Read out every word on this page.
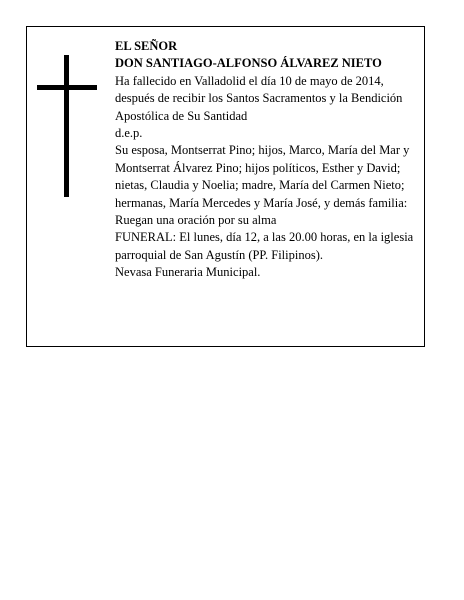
EL SEÑOR
DON SANTIAGO-ALFONSO ÁLVAREZ NIETO

Ha fallecido en Valladolid el día 10 de mayo de 2014, después de recibir los Santos Sacramentos y la Bendición Apostólica de Su Santidad

d.e.p.

Su esposa, Montserrat Pino; hijos, Marco, María del Mar y Montserrat Álvarez Pino; hijos políticos, Esther y David; nietas, Claudia y Noelia; madre, María del Carmen Nieto; hermanas, María Mercedes y María José, y demás familia:

Ruegan una oración por su alma

FUNERAL: El lunes, día 12, a las 20.00 horas, en la iglesia parroquial de San Agustín (PP. Filipinos).

Nevasa Funeraria Municipal.
